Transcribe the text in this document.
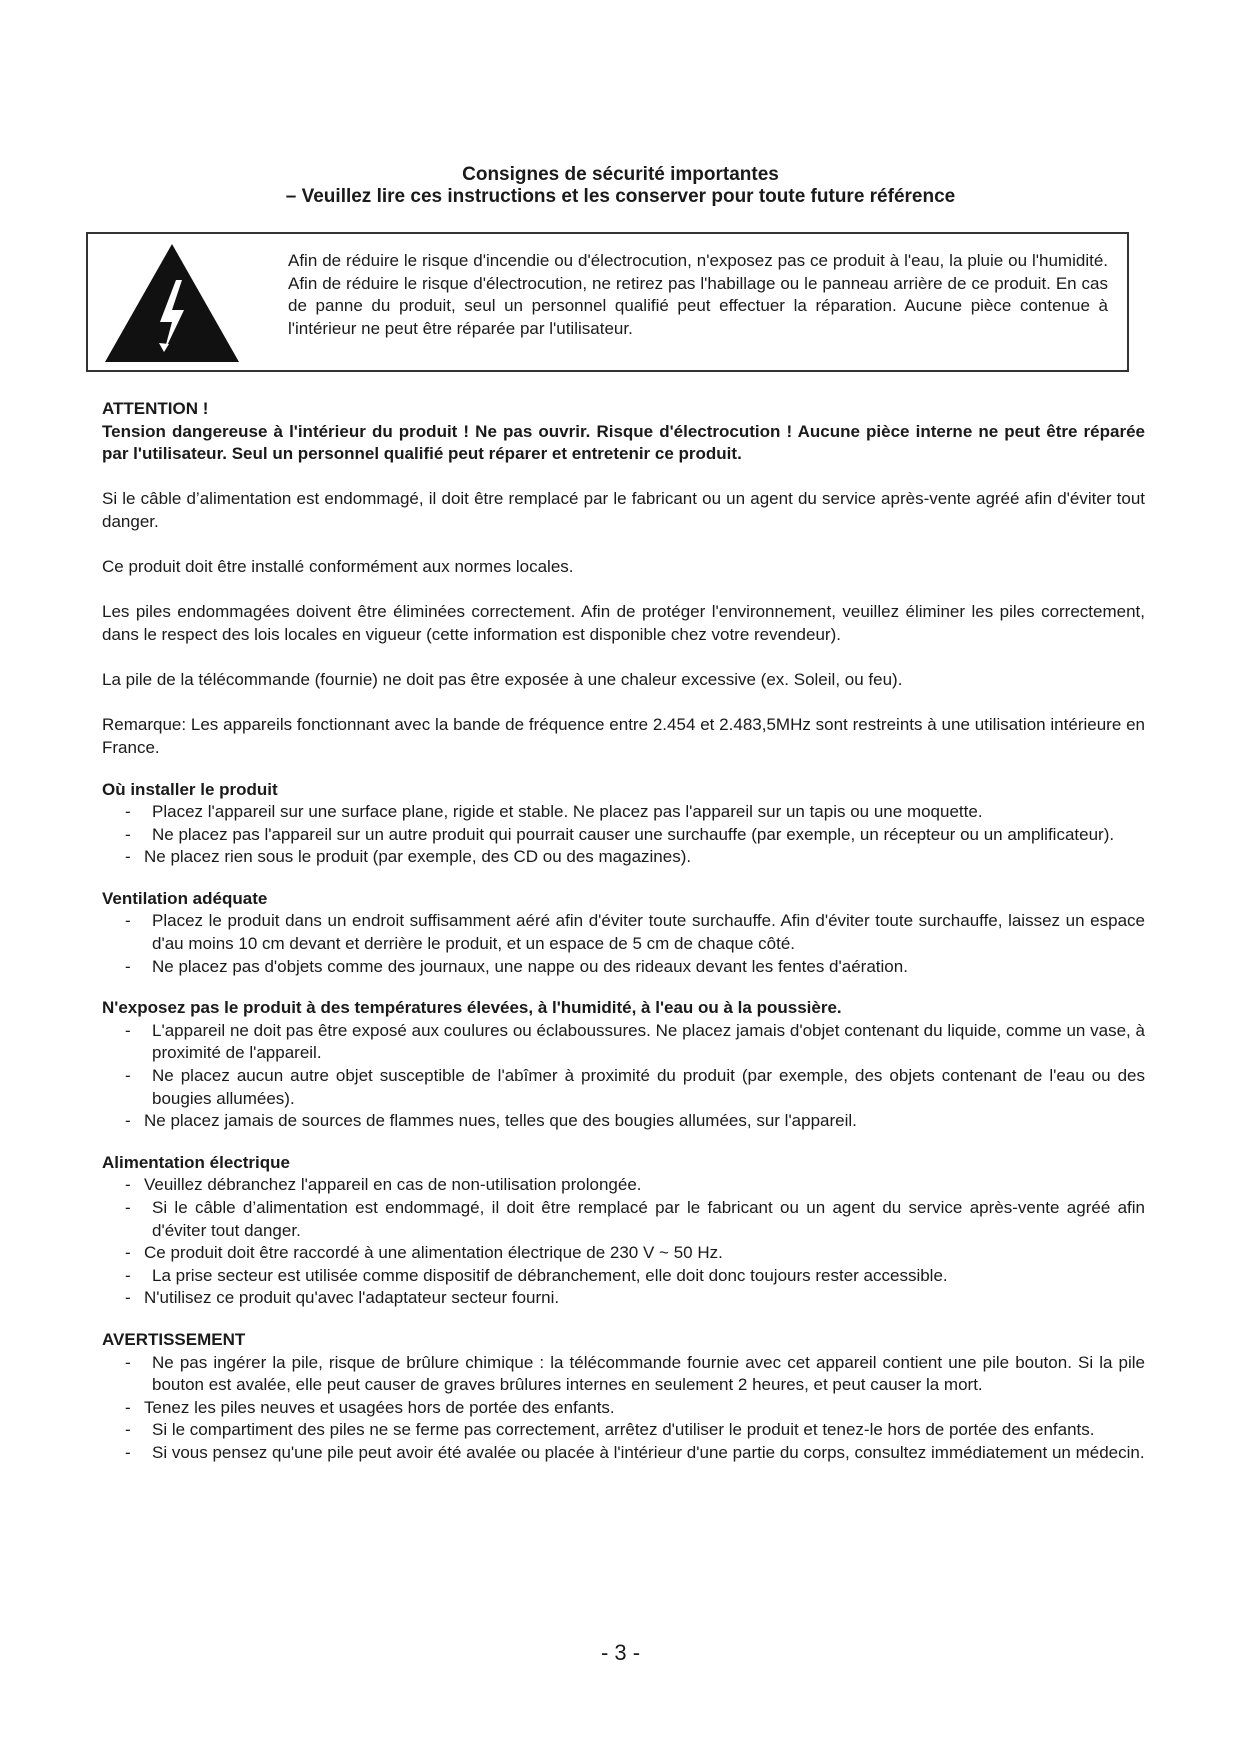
Consignes de sécurité importantes

– Veuillez lire ces instructions et les conserver pour toute future référence

Afin de réduire le risque d'incendie ou d'électrocution, n'exposez pas ce produit à l'eau, la pluie ou l'humidité. Afin de réduire le risque d'électrocution, ne retirez pas l'habillage ou le panneau arrière de ce produit. En cas de panne du produit, seul un personnel qualifié peut effectuer la réparation. Aucune pièce contenue à l'intérieur ne peut être réparée par l'utilisateur.

ATTENTION !

Tension dangereuse à l'intérieur du produit ! Ne pas ouvrir. Risque d'électrocution ! Aucune pièce interne ne peut être réparée par l'utilisateur. Seul un personnel qualifié peut réparer et entretenir ce produit.

Si le câble d’alimentation est endommagé, il doit être remplacé par le fabricant ou un agent du service après-vente agréé afin d'éviter tout danger.

Ce produit doit être installé conformément aux normes locales.

Les piles endommagées doivent être éliminées correctement. Afin de protéger l'environnement, veuillez éliminer les piles correctement, dans le respect des lois locales en vigueur (cette information est disponible chez votre revendeur).

La pile de la télécommande (fournie) ne doit pas être exposée à une chaleur excessive (ex. Soleil, ou feu).

Remarque: Les appareils fonctionnant avec la bande de fréquence entre 2.454 et 2.483,5MHz sont restreints à une utilisation intérieure en France.

Où installer le produit

- Placez l'appareil sur une surface plane, rigide et stable. Ne placez pas l'appareil sur un tapis ou une moquette.
- Ne placez pas l'appareil sur un autre produit qui pourrait causer une surchauffe (par exemple, un récepteur ou un amplificateur).
- Ne placez rien sous le produit (par exemple, des CD ou des magazines).

Ventilation adéquate

- Placez le produit dans un endroit suffisamment aéré afin d'éviter toute surchauffe. Afin d'éviter toute surchauffe, laissez un espace d'au moins 10 cm devant et derrière le produit, et un espace de 5 cm de chaque côté.
- Ne placez pas d'objets comme des journaux, une nappe ou des rideaux devant les fentes d'aération.

N'exposez pas le produit à des températures élevées, à l'humidité, à l'eau ou à la poussière.

- L'appareil ne doit pas être exposé aux coulures ou éclaboussures. Ne placez jamais d'objet contenant du liquide, comme un vase, à proximité de l'appareil.
- Ne placez aucun autre objet susceptible de l'abîmer à proximité du produit (par exemple, des objets contenant de l'eau ou des bougies allumées).
- Ne placez jamais de sources de flammes nues, telles que des bougies allumées, sur l'appareil.

Alimentation électrique

- Veuillez débranchez l'appareil en cas de non-utilisation prolongée.
- Si le câble d’alimentation est endommagé, il doit être remplacé par le fabricant ou un agent du service après-vente agréé afin d'éviter tout danger.
- Ce produit doit être raccordé à une alimentation électrique de 230 V ~ 50 Hz.
- La prise secteur est utilisée comme dispositif de débranchement, elle doit donc toujours rester accessible.
- N'utilisez ce produit qu'avec l'adaptateur secteur fourni.

AVERTISSEMENT

- Ne pas ingérer la pile, risque de brûlure chimique : la télécommande fournie avec cet appareil contient une pile bouton. Si la pile bouton est avalée, elle peut causer de graves brûlures internes en seulement 2 heures, et peut causer la mort.
- Tenez les piles neuves et usagées hors de portée des enfants.
- Si le compartiment des piles ne se ferme pas correctement, arrêtez d'utiliser le produit et tenez-le hors de portée des enfants.
- Si vous pensez qu'une pile peut avoir été avalée ou placée à l'intérieur d'une partie du corps, consultez immédiatement un médecin.
- 3 -
